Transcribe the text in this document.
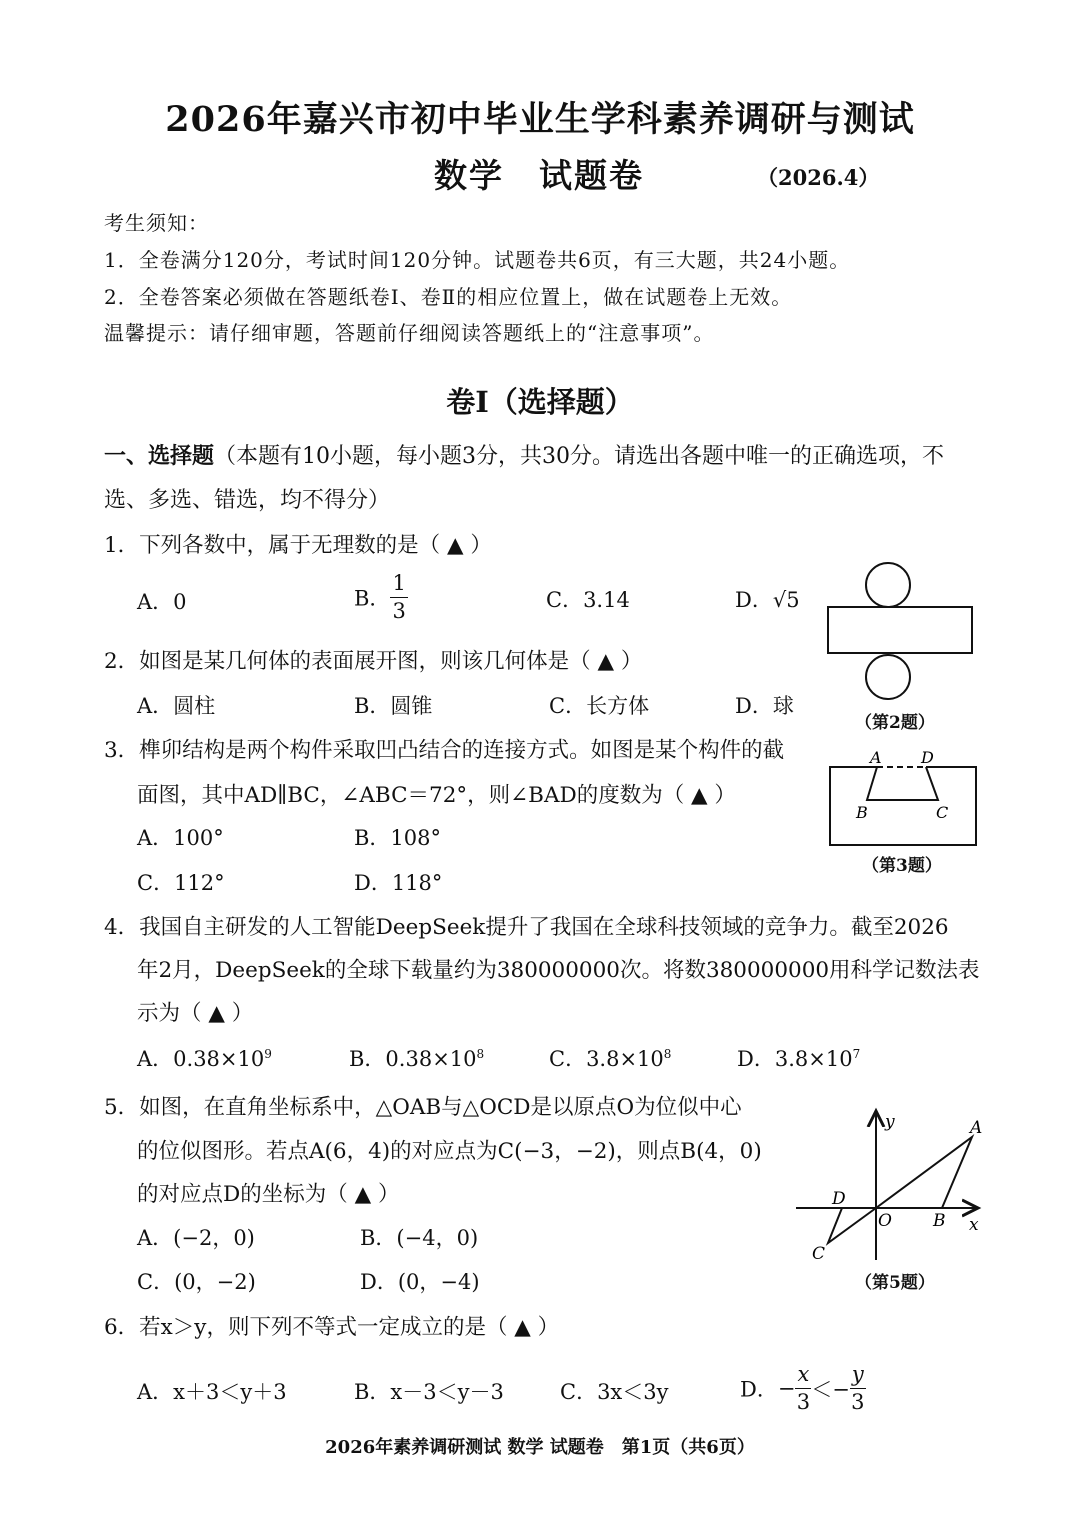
2026年嘉兴市初中毕业生学科素养调研与测试
数学　试题卷	（2026.4）
考生须知：
1．全卷满分120分，考试时间120分钟。试题卷共6页，有三大题，共24小题。
2．全卷答案必须做在答题纸卷Ⅰ、卷Ⅱ的相应位置上，做在试题卷上无效。
温馨提示：请仔细审题，答题前仔细阅读答题纸上的“注意事项”。
卷Ⅰ（选择题）
一、选择题（本题有10小题，每小题3分，共30分。请选出各题中唯一的正确选项，不
选、多选、错选，均不得分）
1．下列各数中，属于无理数的是（ ▲ ）
A．0	B． $\frac{1}{3}$	C．3.14	D．√5
（第2题）
2．如图是某几何体的表面展开图，则该几何体是（ ▲ ）
A．圆柱	B．圆锥	C．长方体	D．球
3．榫卯结构是两个构件采取凹凸结合的连接方式。如图是某个构件的截
面图，其中AD∥BC，∠ABC＝72°，则∠BAD的度数为（ ▲ ）
A．100°	B．108°
C．112°	D．118°
A D
B	C
（第3题）
4．我国自主研发的人工智能DeepSeek提升了我国在全球科技领域的竞争力。截至2026
年2月，DeepSeek的全球下载量约为380000000次。将数380000000用科学记数法表
示为（ ▲ ）
A．$0.38\times 10^9$	B．$0.38\times 10^8$	C．$3.8\times 10^8$	D．$3.8\times 10^7$
5．如图，在直角坐标系中，△OAB与△OCD是以原点O为位似中心
的位似图形。若点A(6，4)的对应点为C(−3，−2)，则点B(4，0)
的对应点D的坐标为（ ▲ ）
A．(−2，0)	B．(−4，0)
C．(0，−2)	D．(0，−4)
y
x
A
O B
D
C
（第5题）
6．若x＞y，则下列不等式一定成立的是（ ▲ ）
A．x＋3＜y＋3	B．x－3＜y－3	C．3x＜3y	D．− $\frac{x}{3} <- \frac{y}{3}$
2026年素养调研测试 数学 试题卷　第1页（共6页）
